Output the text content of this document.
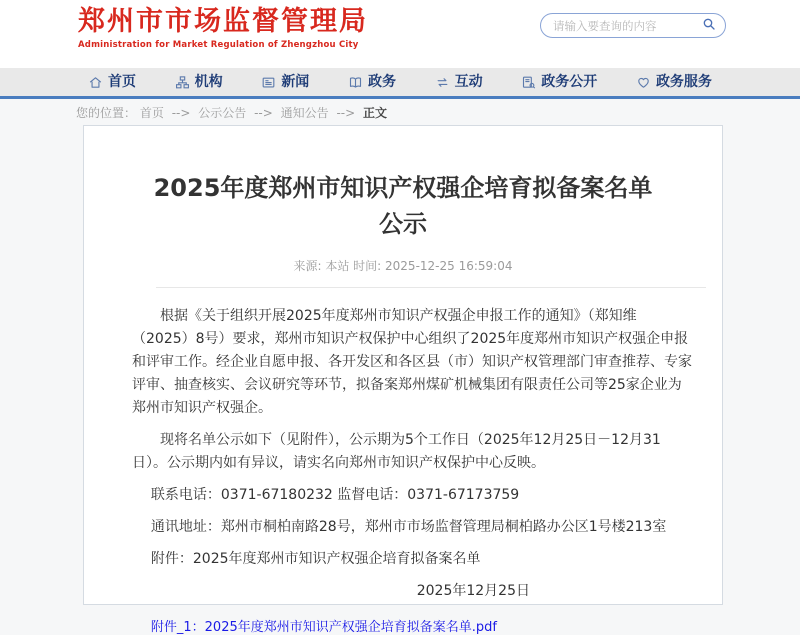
郑州市市场监督管理局
Administration for Market Regulation of Zhengzhou City
请输入要查询的内容
首页	机构	新闻	政务	互动	政务公开	政务服务
您的位置： 首页 --> 公示公告 --> 通知公告 --> 正文
2025年度郑州市知识产权强企培育拟备案名单公示
来源: 本站 时间: 2025-12-25 16:59:04

根据《关于组织开展2025年度郑州市知识产权强企申报工作的通知》（郑知维（2025）8号）要求，郑州市知识产权保护中心组织了2025年度郑州市知识产权强企申报和评审工作。经企业自愿申报、各开发区和各区县（市）知识产权管理部门审查推荐、专家评审、抽查核实、会议研究等环节，拟备案郑州煤矿机械集团有限责任公司等25家企业为郑州市知识产权强企。

现将名单公示如下（见附件），公示期为5个工作日（2025年12月25日－12月31日）。公示期内如有异议，请实名向郑州市知识产权保护中心反映。

联系电话：0371-67180232 监督电话：0371-67173759

通讯地址：郑州市桐柏南路28号，郑州市市场监督管理局桐柏路办公区1号楼213室

附件：2025年度郑州市知识产权强企培育拟备案名单

2025年12月25日
附件_1：2025年度郑州市知识产权强企培育拟备案名单.pdf
